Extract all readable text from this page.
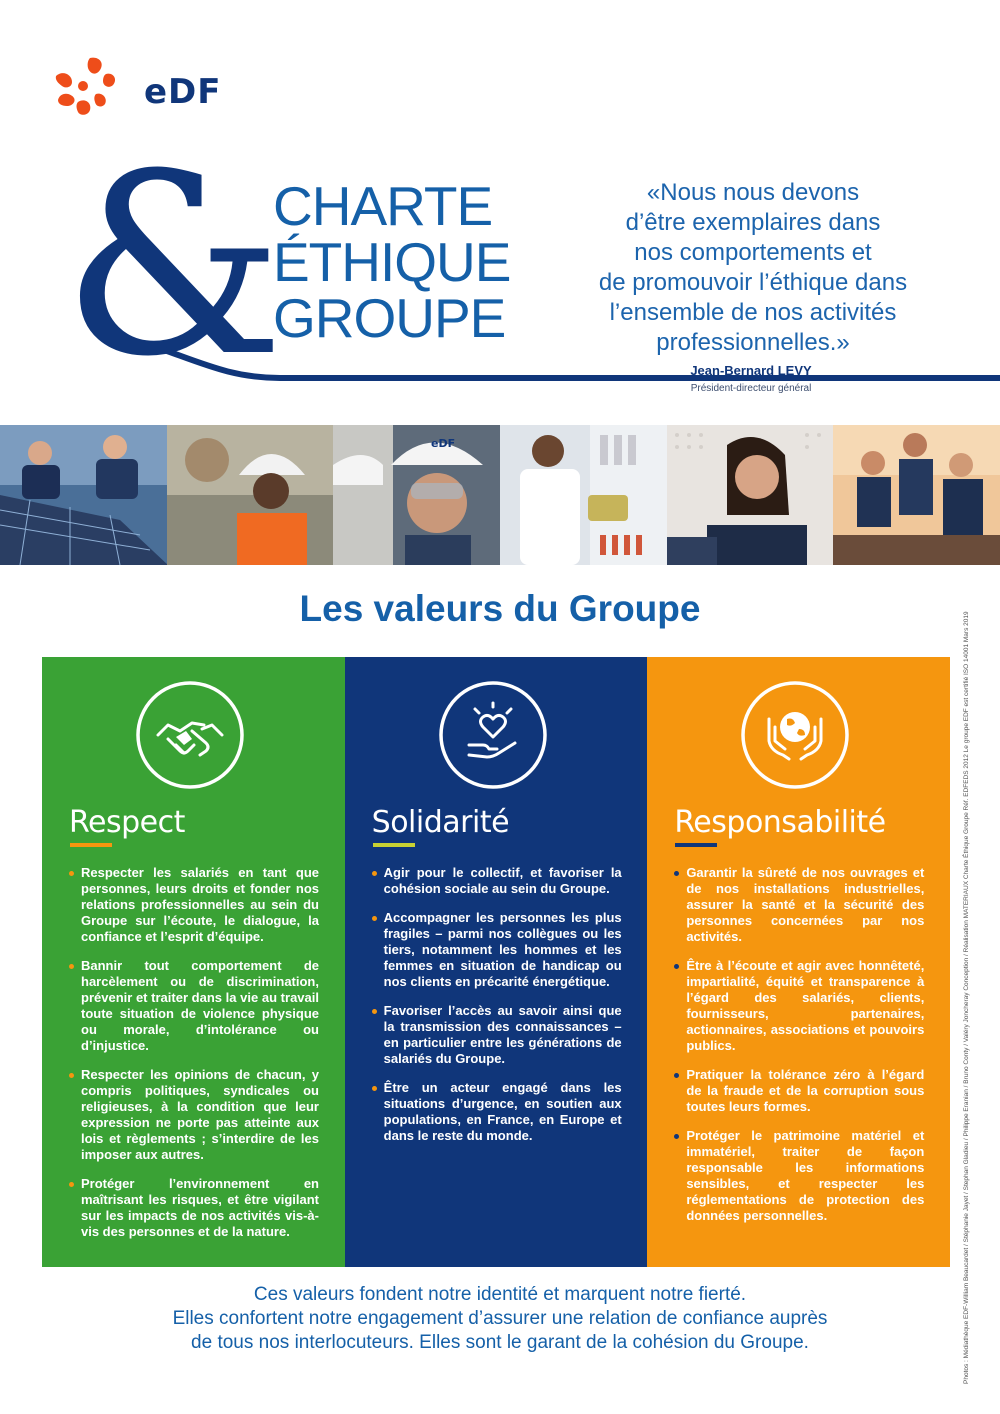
eDF
&
CHARTE
ÉTHIQUE
GROUPE
«Nous nous devons
d’être exemplaires dans
nos comportements et
de promouvoir l’éthique dans
l’ensemble de nos activités
professionnelles.»
Jean-Bernard LEVY
Président-directeur général
eDF
Les valeurs du Groupe
Respect
Respecter les salariés en tant que personnes, leurs droits et fonder nos relations professionnelles au sein du Groupe sur l’écoute, le dialogue, la confiance et l’esprit d’équipe.
Bannir tout comportement de harcèlement ou de discrimination, prévenir et traiter dans la vie au travail toute situation de violence physique ou morale, d’intolérance ou d’injustice.
Respecter les opinions de chacun, y compris politiques, syndicales ou religieuses, à la condition que leur expression ne porte pas atteinte aux lois et règlements ; s’interdire de les imposer aux autres.
Protéger l’environnement en maîtrisant les risques, et être vigilant sur les impacts de nos activités vis-à-vis des personnes et de la nature.
Solidarité
Agir pour le collectif, et favoriser la cohésion sociale au sein du Groupe.
Accompagner les personnes les plus fragiles – parmi nos collègues ou les tiers, notamment les hommes et les femmes en situation de handicap ou nos clients en précarité énergétique.
Favoriser l’accès au savoir ainsi que la transmission des connaissances – en particulier entre les générations de salariés du Groupe.
Être un acteur engagé dans les situations d’urgence, en soutien aux populations, en France, en Europe et dans le reste du monde.
Responsabilité
Garantir la sûreté de nos ouvrages et de nos installations industrielles, assurer la santé et la sécurité des personnes concernées par nos activités.
Être à l’écoute et agir avec honnêteté, impartialité, équité et transparence à l’égard des salariés, clients, fournisseurs, partenaires, actionnaires, associations et pouvoirs publics.
Pratiquer la tolérance zéro à l’égard de la fraude et de la corruption sous toutes leurs formes.
Protéger le patrimoine matériel et immatériel, traiter de façon responsable les informations sensibles, et respecter les réglementations de protection des données personnelles.
Ces valeurs fondent notre identité et marquent notre fierté.
Elles confortent notre engagement d’assurer une relation de confiance auprès
de tous nos interlocuteurs. Elles sont le garant de la cohésion du Groupe.	Photos : Médiathèque EDF-William Beaucardet / Stéphanie Jayet / Stephan Gladieu / Philippe Eranian / Bruno Conty / Valéry Joncheray Conception / Réalisation MATERIAUX Charte Éthique Groupe Réf. EDFEDS 2012 Le groupe EDF est certifié ISO 14001 Mars 2019
